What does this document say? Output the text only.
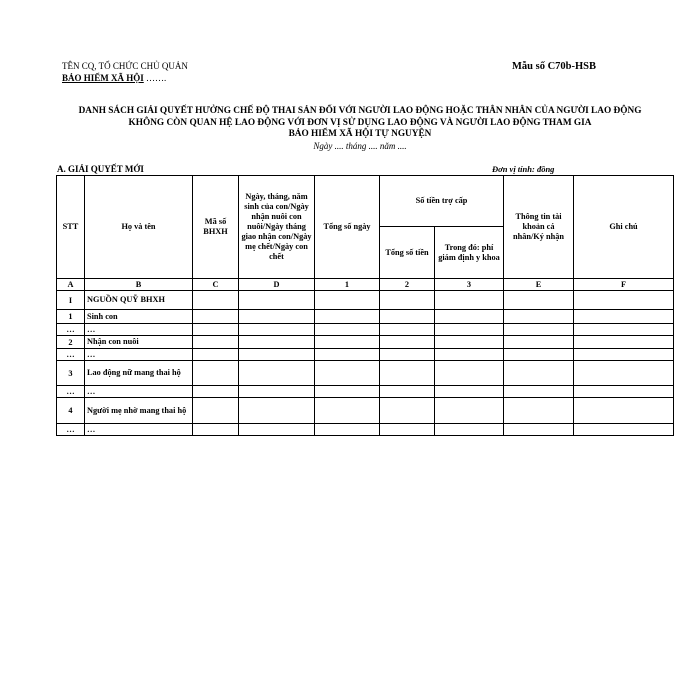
TÊN CQ, TỔ CHỨC CHỦ QUẢN
BẢO HIỂM XÃ HỘI …….
Mẫu số C70b-HSB
DANH SÁCH GIẢI QUYẾT HƯỞNG CHẾ ĐỘ THAI SẢN ĐỐI VỚI NGƯỜI LAO ĐỘNG HOẶC THÂN NHÂN CỦA NGƯỜI LAO ĐỘNG
KHÔNG CÒN QUAN HỆ LAO ĐỘNG VỚI ĐƠN VỊ SỬ DỤNG LAO ĐỘNG VÀ NGƯỜI LAO ĐỘNG THAM GIA
BẢO HIỂM XÃ HỘI TỰ NGUYỆN
Ngày .... tháng .... năm ....
A. GIẢI QUYẾT MỚI	Đơn vị tính: đồng
STT	Họ và tên	Mã số BHXH	Ngày, tháng, năm sinh của con/Ngày nhận nuôi con nuôi/Ngày tháng giao nhận con/Ngày mẹ chết/Ngày con chết	Tổng số ngày	Số tiền trợ cấp		Thông tin tài khoản cá nhân/Ký nhận	Ghi chú
					Tổng số tiền	Trong đó: phí giám định y khoa		
A	B	C	D	1	2	3	E	F
I	NGUỒN QUỸ BHXH							
1	Sinh con							
…	…							
2	Nhận con nuôi							
…	…							
3	Lao động nữ mang thai hộ							
…	…							
4	Người mẹ nhờ mang thai hộ							
…	…							
